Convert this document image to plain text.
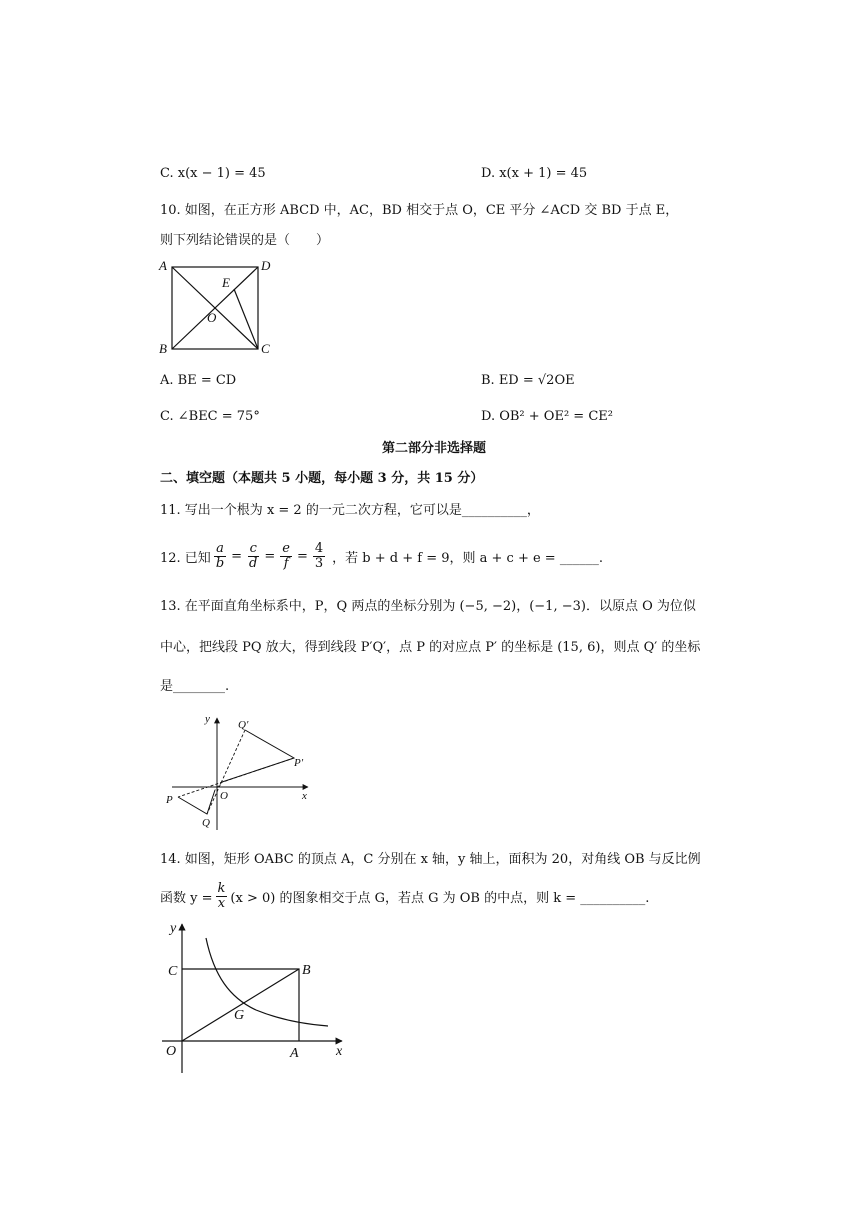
C. x(x − 1) = 45	D. x(x + 1) = 45
10. 如图，在正方形 ABCD 中，AC，BD 相交于点 O，CE 平分 ∠ACD 交 BD 于点 E，
则下列结论错误的是（　　）
A
B	C
D
E
O
A. BE = CD	B. ED = √2OE
C. ∠BEC = 75°	D. OB² + OE² = CE²
第二部分非选择题
二、填空题（本题共 5 小题，每小题 3 分，共 15 分）
11. 写出一个根为 x = 2 的一元二次方程，它可以是__________，
12. 已知 $\frac{a}{b} = \frac{c}{d} = \frac{e}{f} = \frac{4}{3}$ ，若 b + d + f = 9，则 a + c + e = ______.
13. 在平面直角坐标系中，P，Q 两点的坐标分别为 (−5, −2)，(−1, −3)．以原点 O 为位似
中心，把线段 PQ 放大，得到线段 P′Q′，点 P 的对应点 P′ 的坐标是 (15, 6)，则点 Q′ 的坐标
是________.
y
x
O
P
Q
P′
Q′
14. 如图，矩形 OABC 的顶点 A，C 分别在 x 轴，y 轴上，面积为 20，对角线 OB 与反比例
函数 $y = \frac{k}{x} (x > 0)$ 的图象相交于点 G，若点 G 为 OB 的中点，则 k = __________.
y
x
O	A
B
C
G
